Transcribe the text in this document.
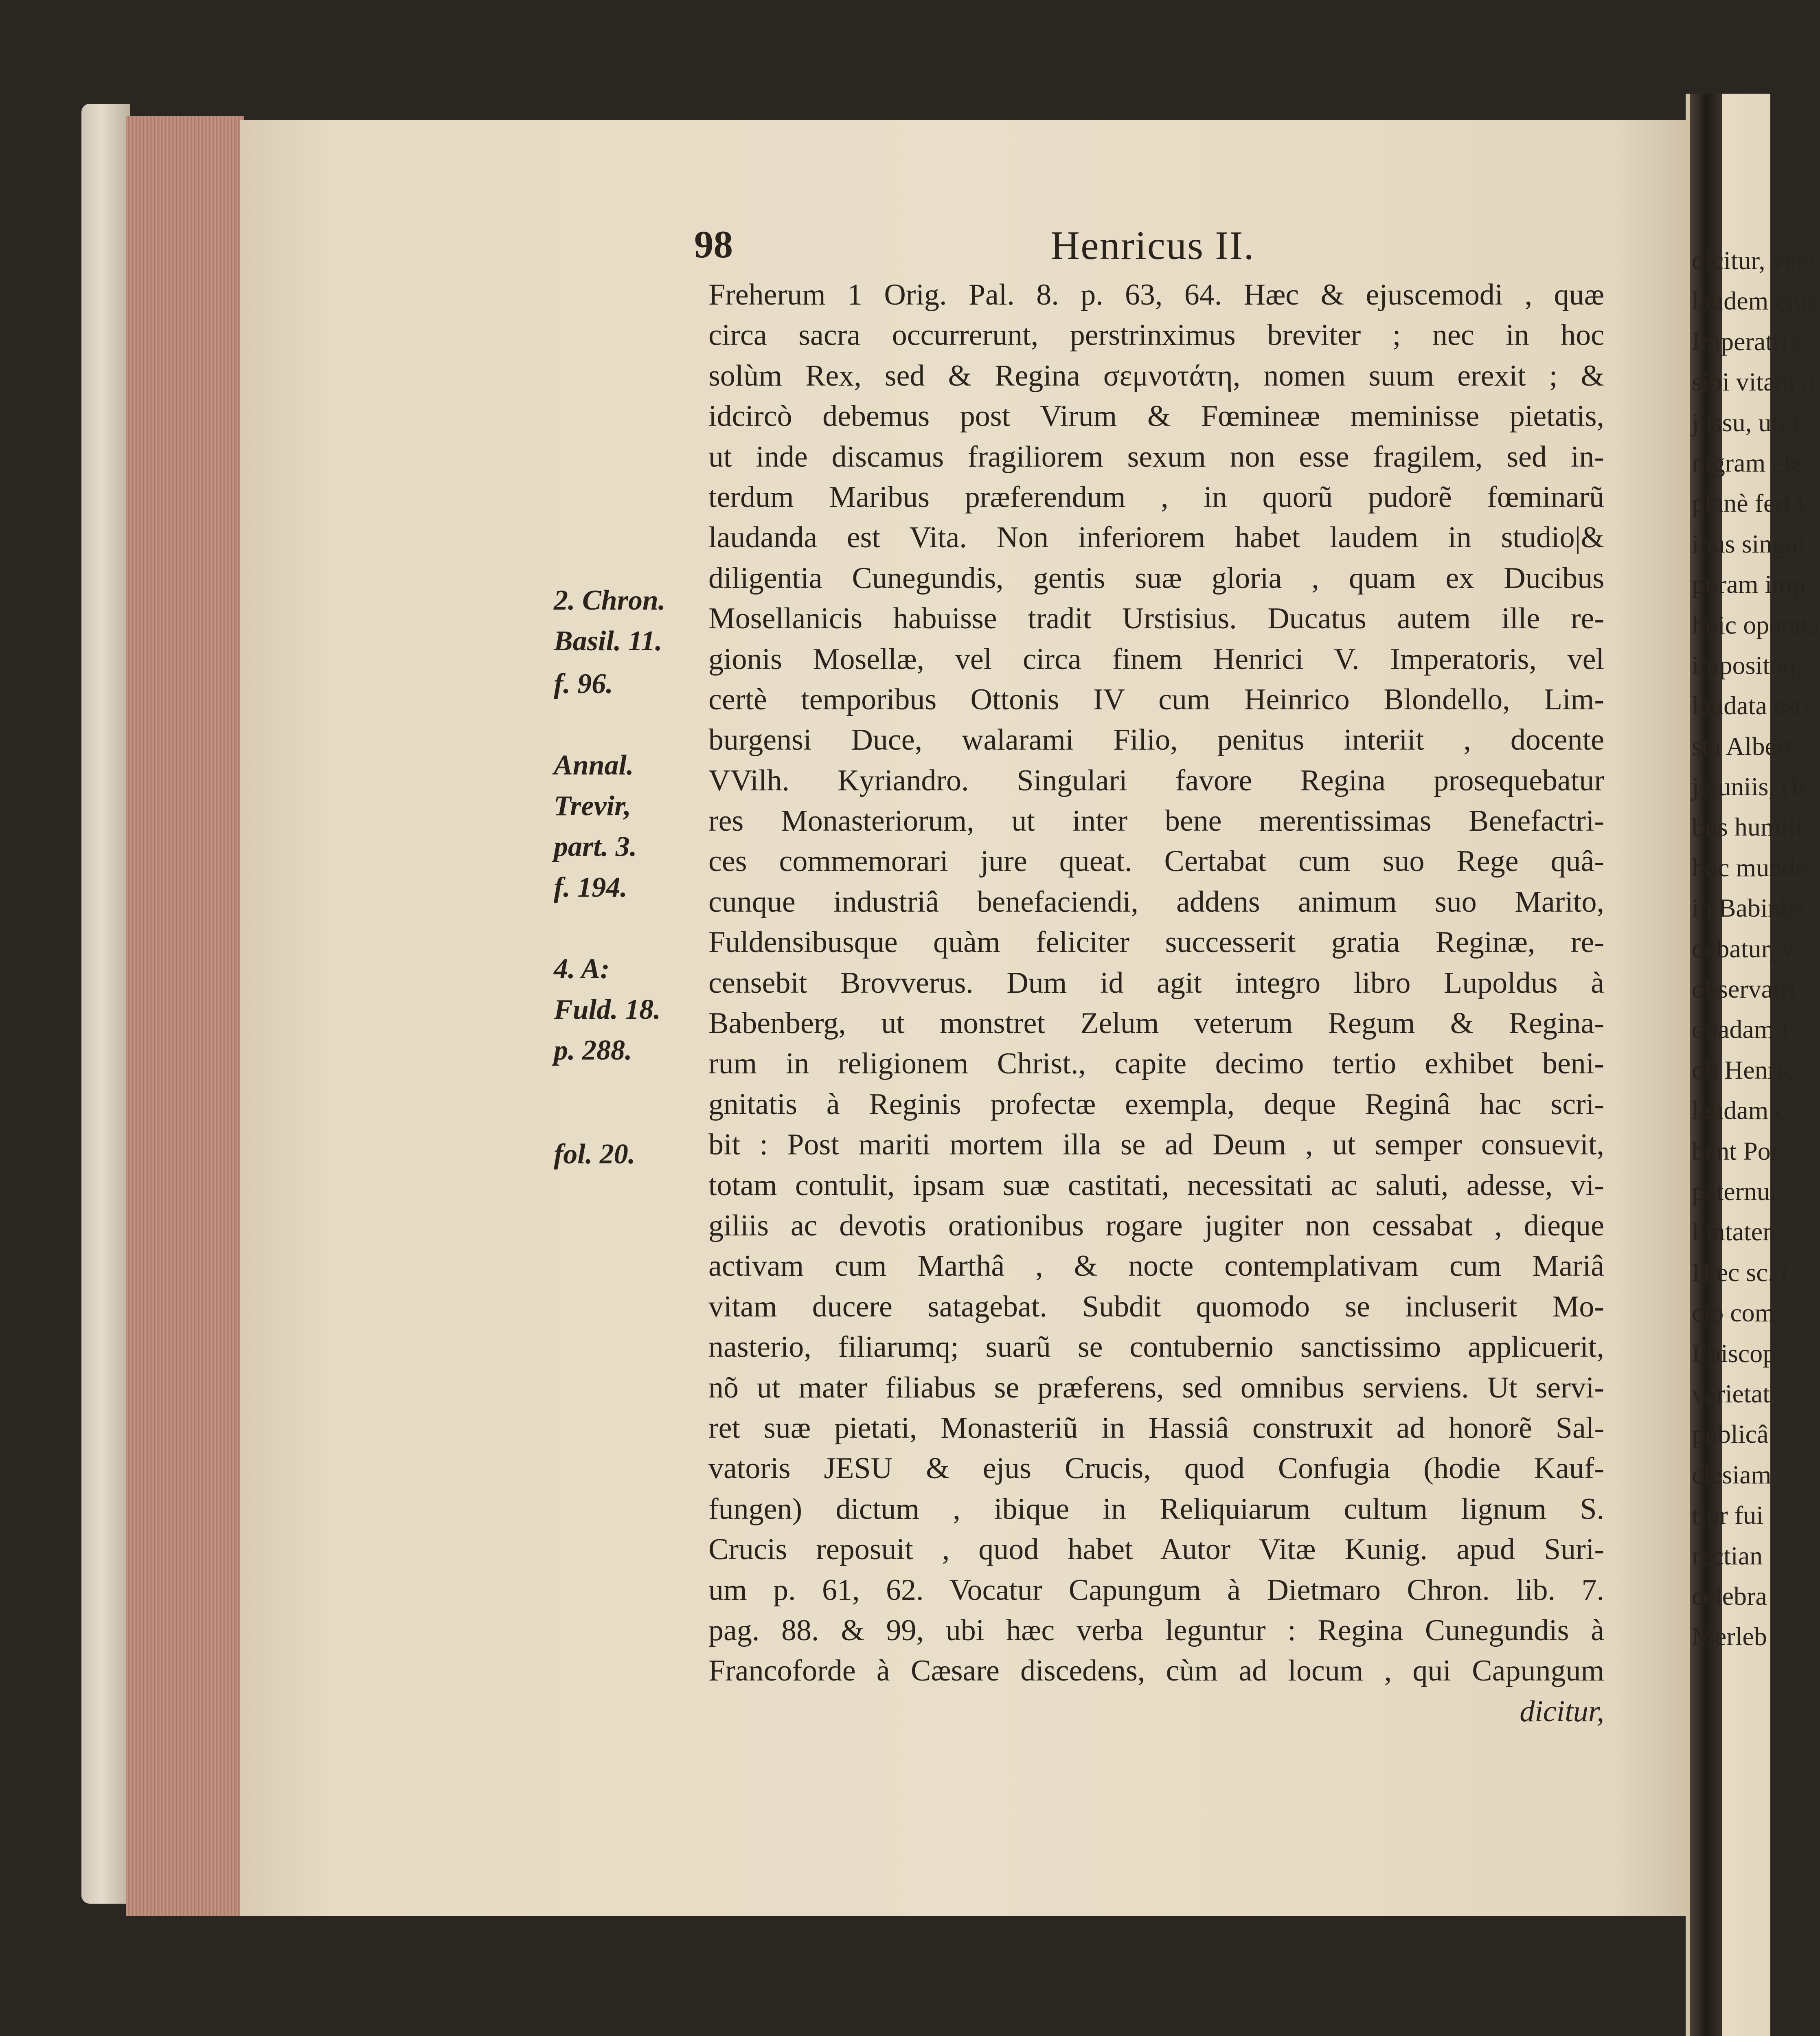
98	Henricus II.
Freherum 1 Orig. Pal. 8. p. 63, 64. Hæc & ejuscemodi , quæ
circa sacra occurrerunt, perstrinximus breviter ; nec in hoc
solùm Rex, sed & Regina σεμνοτάτη, nomen suum erexit ; &
idcircò debemus post Virum & Fœmineæ meminisse pietatis,
ut inde discamus fragiliorem sexum non esse fragilem, sed in-
terdum Maribus præferendum , in quorũ pudorẽ fœminarũ
laudanda est Vita. Non inferiorem habet laudem in studio|&
diligentia Cunegundis, gentis suæ gloria , quam ex Ducibus
Mosellanicis habuisse tradit Urstisius. Ducatus autem ille re-
gionis Mosellæ, vel circa finem Henrici V. Imperatoris, vel
certè temporibus Ottonis IV cum Heinrico Blondello, Lim-
burgensi Duce, walarami Filio, penitus interiit , docente
VVilh. Kyriandro. Singulari favore Regina prosequebatur
res Monasteriorum, ut inter bene merentissimas Benefactri-
ces commemorari jure queat. Certabat cum suo Rege quâ-
cunque industriâ benefaciendi, addens animum suo Marito,
Fuldensibusque quàm feliciter successerit gratia Reginæ, re-
censebit Brovverus. Dum id agit integro libro Lupoldus à
Babenberg, ut monstret Zelum veterum Regum & Regina-
rum in religionem Christ., capite decimo tertio exhibet beni-
gnitatis à Reginis profectæ exempla, deque Reginâ hac scri-
bit : Post mariti mortem illa se ad Deum , ut semper consuevit,
totam contulit, ipsam suæ castitati, necessitati ac saluti, adesse, vi-
giliis ac devotis orationibus rogare jugiter non cessabat , dieque
activam cum Marthâ , & nocte contemplativam cum Mariâ
vitam ducere satagebat. Subdit quomodo se incluserit Mo-
nasterio, filiarumq; suarũ se contubernio sanctissimo applicuerit,
nõ ut mater filiabus se præferens, sed omnibus serviens. Ut servi-
ret suæ pietati, Monasteriũ in Hassiâ construxit ad honorẽ Sal-
vatoris JESU & ejus Crucis, quod Confugia (hodie Kauf-
fungen) dictum , ibique in Reliquiarum cultum lignum S.
Crucis reposuit , quod habet Autor Vitæ Kunig. apud Suri-
um p. 61, 62. Vocatur Capungum à Dietmaro Chron. lib. 7.
pag. 88. & 99, ubi hæc verba leguntur : Regina Cunegundis à
Francoforde à Cæsare discedens, cùm ad locum , qui Capungum
dicitur,
2. Chron.
Basil. 11.
f. 96.
Annal.
Trevir,
part. 3.
f. 194.
4. A:
Fuld. 18.
p. 288.
fol. 20.
dicitur, veni
laudem ejus
Imperatrix
sibi vitam o
jussu, uti L
nigram ele
planè fert C
ibus singul
puram imp
huic operata
impositoq;
laudata esti
sta Albert
jejuniis, (It
bus humili
hoc mundo
in Babinbe
debatur, v
observatri
quadam I
ob Henric
laudam c
bent Por
paternur
luntaten
Hæc sc. i
cio com
Episcop
varietat
publicâ
clesiam
tior fui
rectian
celebra
Merleb
